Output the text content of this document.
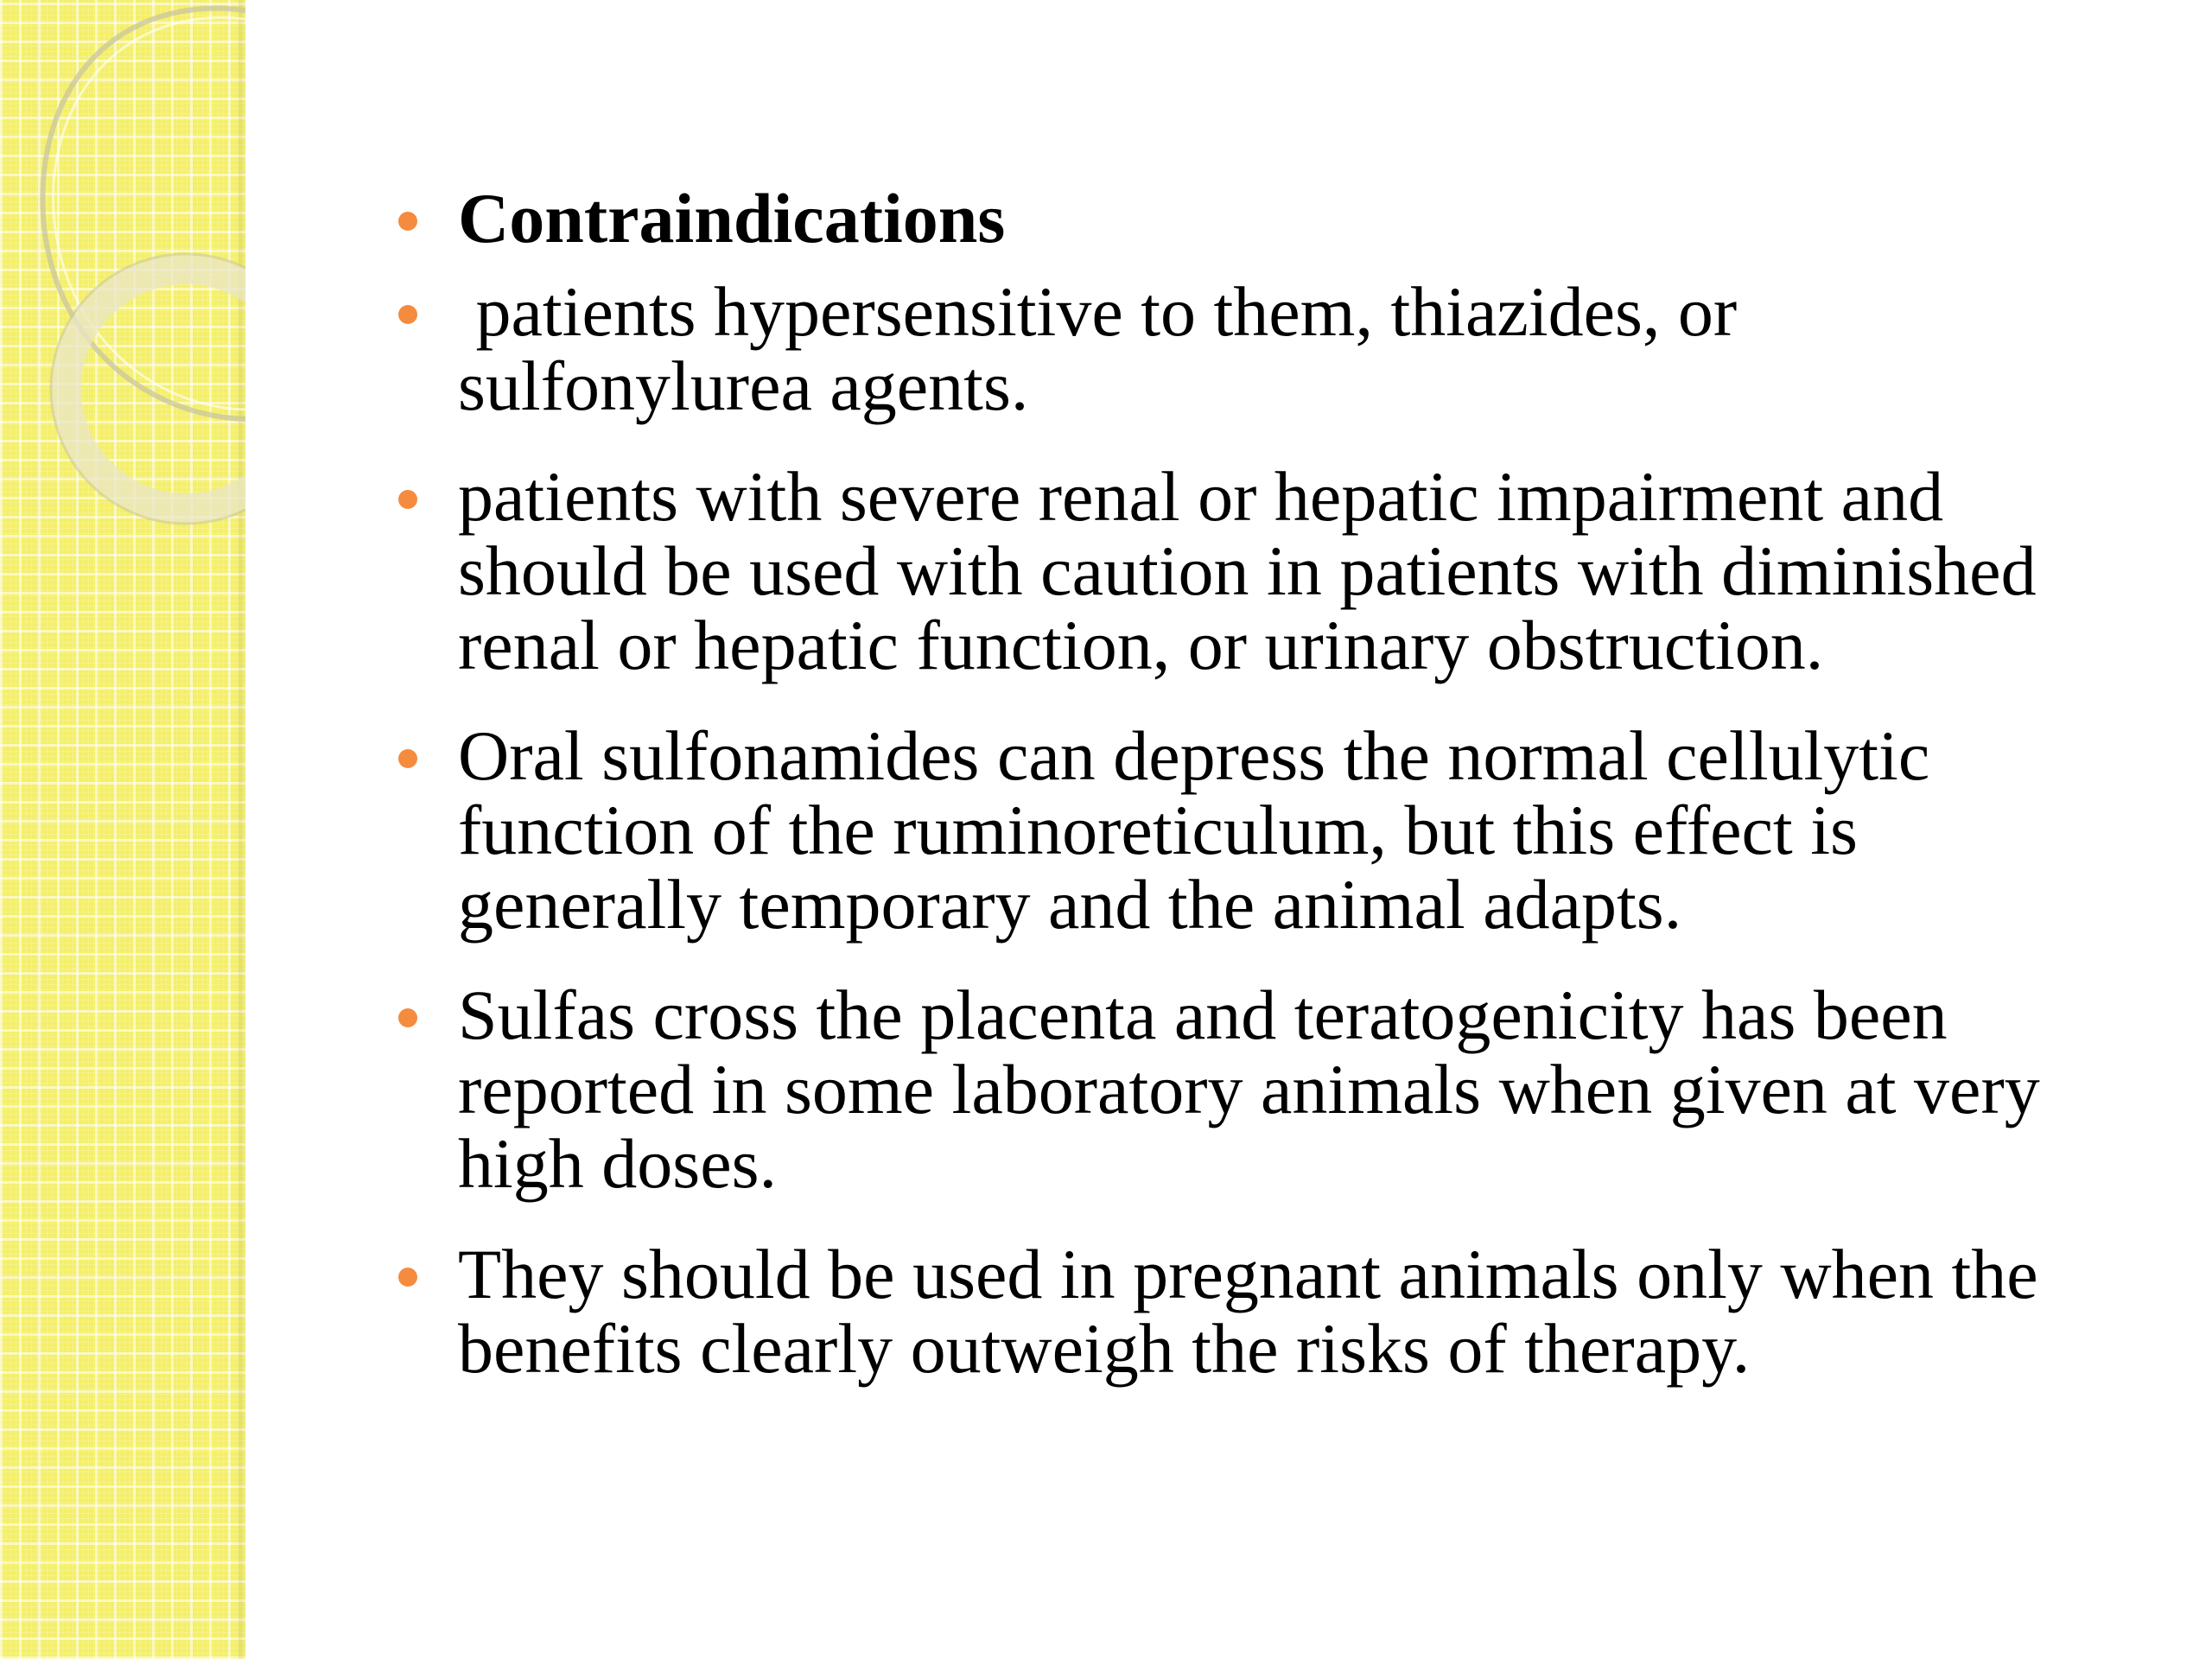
Contraindications
patients hypersensitive to them, thiazides, or sulfonylurea agents.
patients with severe renal or hepatic impairment and should be used with caution in patients with diminished renal or hepatic function, or urinary obstruction.
Oral sulfonamides can depress the normal cellulytic function of the ruminoreticulum, but this effect is generally temporary and the animal adapts.
Sulfas cross the placenta and teratogenicity has been reported in some laboratory animals when given at very high doses.
They should be used in pregnant animals only when the benefits clearly outweigh the risks of therapy.
